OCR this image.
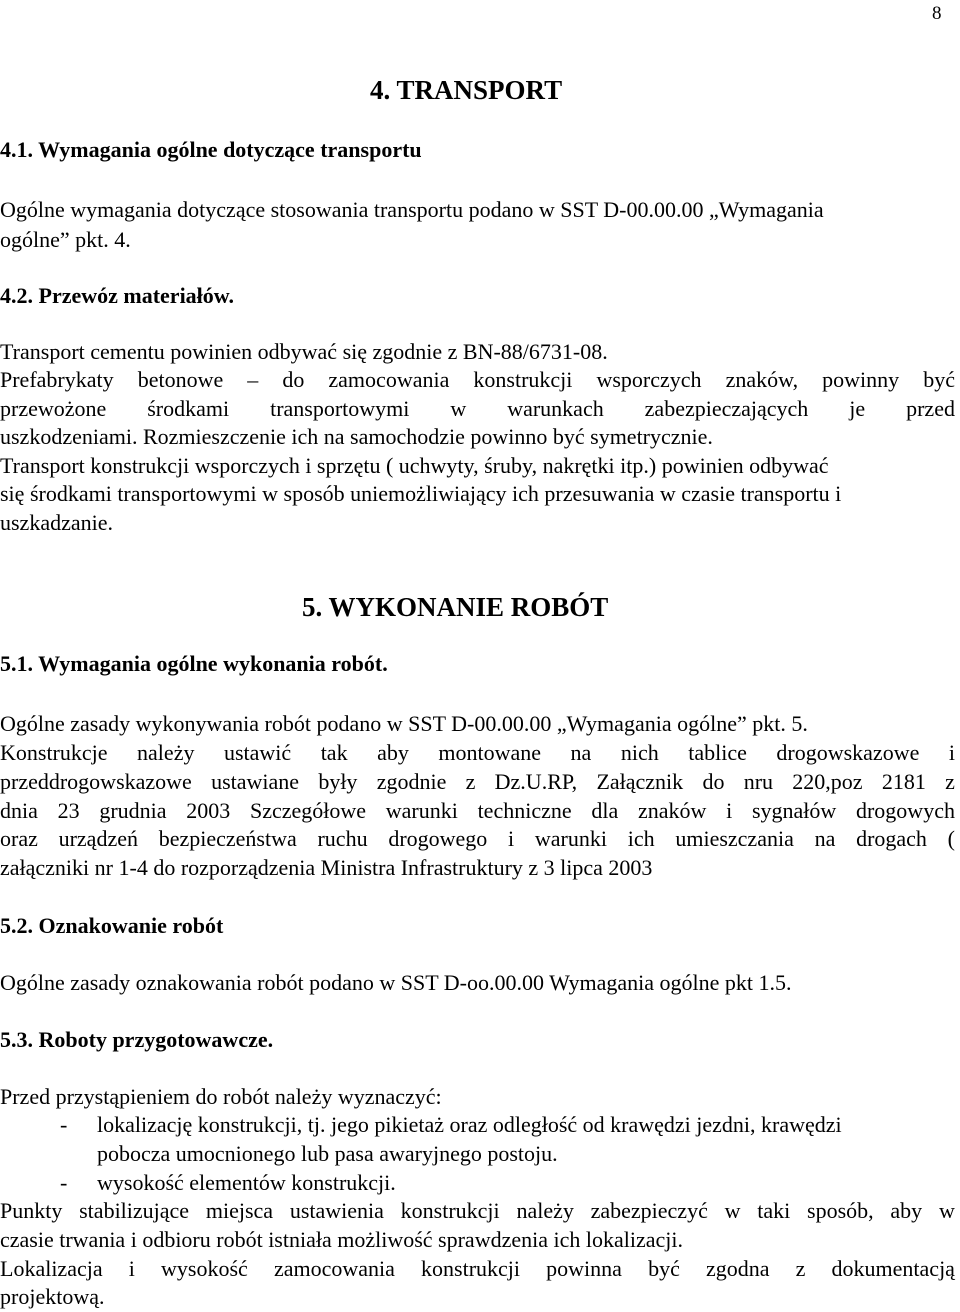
8
4. TRANSPORT
4.1. Wymagania ogólne dotyczące transportu
Ogólne wymagania dotyczące stosowania transportu podano w SST D-00.00.00 „Wymagania
ogólne” pkt. 4.
4.2. Przewóz materiałów.
Transport cementu powinien odbywać się zgodnie z BN-88/6731-08.
Prefabrykaty betonowe – do zamocowania konstrukcji wsporczych znaków, powinny być
przewożone środkami transportowymi w warunkach zabezpieczających je przed
uszkodzeniami. Rozmieszczenie ich na samochodzie powinno być symetrycznie.
Transport konstrukcji wsporczych i sprzętu ( uchwyty, śruby, nakrętki itp.) powinien odbywać
się środkami transportowymi w sposób uniemożliwiający ich przesuwania w czasie transportu i
uszkadzanie.
5. WYKONANIE ROBÓT
5.1. Wymagania ogólne wykonania robót.
Ogólne zasady wykonywania robót podano w SST D-00.00.00 „Wymagania ogólne” pkt. 5.
Konstrukcje należy ustawić tak aby montowane na nich tablice drogowskazowe i
przeddrogowskazowe ustawiane były zgodnie z Dz.U.RP, Załącznik do nru 220,poz 2181 z
dnia 23 grudnia 2003 Szczegółowe warunki techniczne dla znaków i sygnałów drogowych
oraz urządzeń bezpieczeństwa ruchu drogowego i warunki ich umieszczania na drogach (
załączniki nr 1-4 do rozporządzenia Ministra Infrastruktury z 3 lipca 2003
5.2. Oznakowanie robót
Ogólne zasady oznakowania robót podano w SST D-oo.00.00 Wymagania ogólne pkt 1.5.
5.3. Roboty przygotowawcze.
Przed przystąpieniem do robót należy wyznaczyć:
- lokalizację konstrukcji, tj. jego pikietaż oraz odległość od krawędzi jezdni, krawędzi
pobocza umocnionego lub pasa awaryjnego postoju.
- wysokość elementów konstrukcji.
Punkty stabilizujące miejsca ustawienia konstrukcji należy zabezpieczyć w taki sposób, aby w
czasie trwania i odbioru robót istniała możliwość sprawdzenia ich lokalizacji.
Lokalizacja i wysokość zamocowania konstrukcji powinna być zgodna z dokumentacją
projektową.
